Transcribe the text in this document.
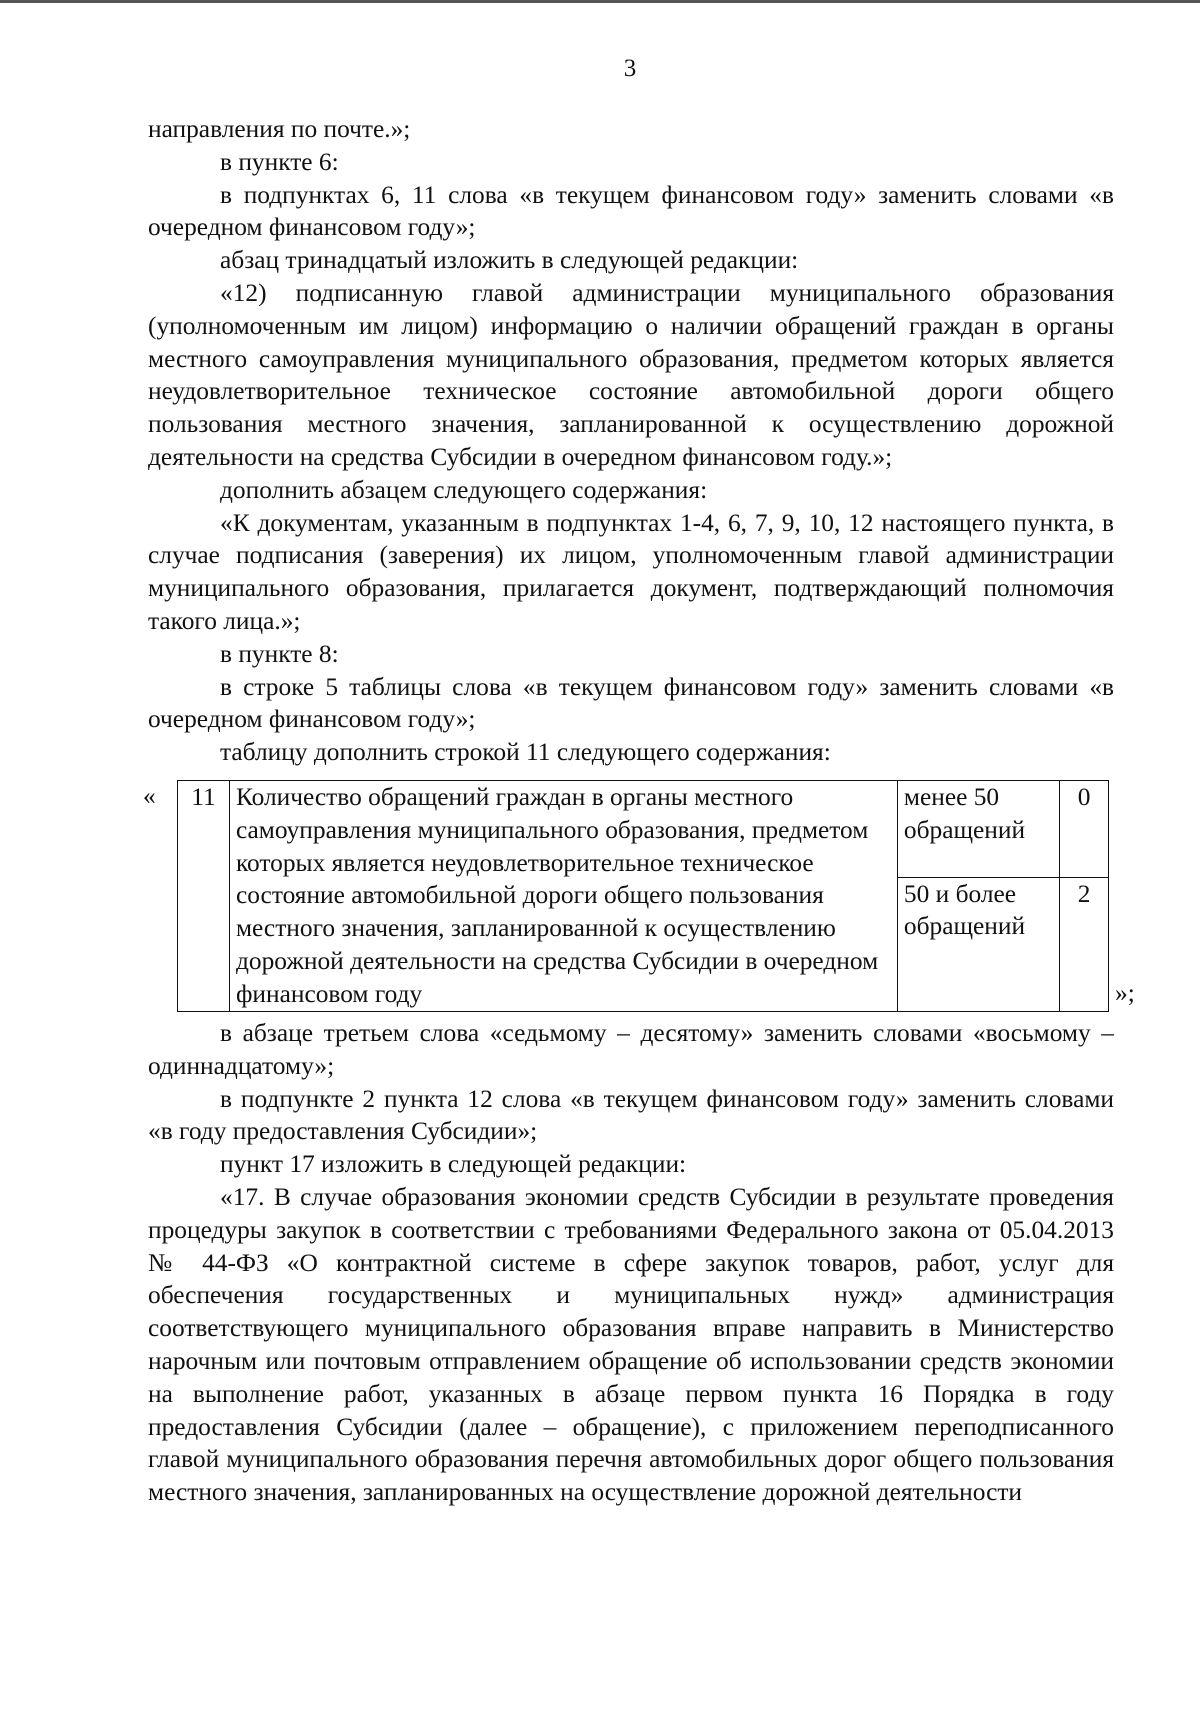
3

направления по почте.»;

в пункте 6:

в подпунктах 6, 11 слова «в текущем финансовом году» заменить словами «в очередном финансовом году»;

абзац тринадцатый изложить в следующей редакции:

«12) подписанную главой администрации муниципального образования (уполномоченным им лицом) информацию о наличии обращений граждан в органы местного самоуправления муниципального образования, предметом которых является неудовлетворительное техническое состояние автомобильной дороги общего пользования местного значения, запланированной к осуществлению дорожной деятельности на средства Субсидии в очередном финансовом году.»;

дополнить абзацем следующего содержания:

«К документам, указанным в подпунктах 1-4, 6, 7, 9, 10, 12 настоящего пункта, в случае подписания (заверения) их лицом, уполномоченным главой администрации муниципального образования, прилагается документ, подтверждающий полномочия такого лица.»;

в пункте 8:

в строке 5 таблицы слова «в текущем финансовом году» заменить словами «в очередном финансовом году»;

таблицу дополнить строкой 11 следующего содержания:

« 11	Количество обращений граждан в органы местного самоуправления муниципального образования, предметом которых является неудовлетворительное техническое состояние автомобильной дороги общего пользования местного значения, запланированной к осуществлению дорожной деятельности на средства Субсидии в очередном финансовом году	менее 50 обращений	0
		50 и более обращений	2
»;

в абзаце третьем слова «седьмому – десятому» заменить словами «восьмому – одиннадцатому»;

в подпункте 2 пункта 12 слова «в текущем финансовом году» заменить словами «в году предоставления Субсидии»;

пункт 17 изложить в следующей редакции:

«17. В случае образования экономии средств Субсидии в результате проведения процедуры закупок в соответствии с требованиями Федерального закона от 05.04.2013 № 44-ФЗ «О контрактной системе в сфере закупок товаров, работ, услуг для обеспечения государственных и муниципальных нужд» администрация соответствующего муниципального образования вправе направить в Министерство нарочным или почтовым отправлением обращение об использовании средств экономии на выполнение работ, указанных в абзаце первом пункта 16 Порядка в году предоставления Субсидии (далее – обращение), с приложением переподписанного главой муниципального образования перечня автомобильных дорог общего пользования местного значения, запланированных на осуществление дорожной деятельности
